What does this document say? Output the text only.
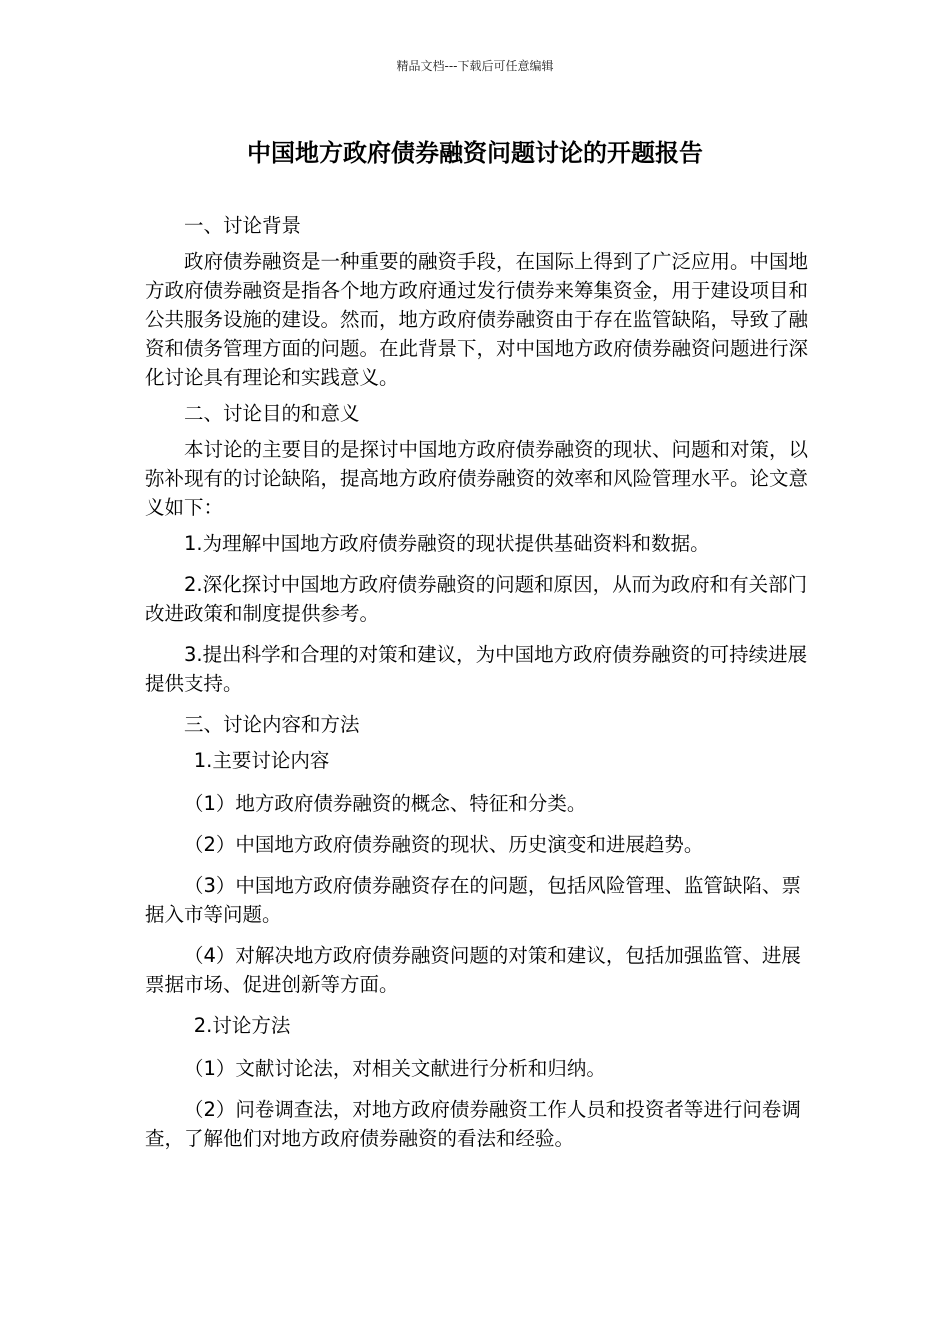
精品文档---下载后可任意编辑
中国地方政府债券融资问题讨论的开题报告

一、讨论背景

政府债券融资是一种重要的融资手段，在国际上得到了广泛应用。中国地方政府债券融资是指各个地方政府通过发行债券来筹集资金，用于建设项目和公共服务设施的建设。然而，地方政府债券融资由于存在监管缺陷，导致了融资和债务管理方面的问题。在此背景下，对中国地方政府债券融资问题进行深化讨论具有理论和实践意义。

二、讨论目的和意义

本讨论的主要目的是探讨中国地方政府债券融资的现状、问题和对策，以弥补现有的讨论缺陷，提高地方政府债券融资的效率和风险管理水平。论文意义如下：

1.为理解中国地方政府债券融资的现状提供基础资料和数据。

2.深化探讨中国地方政府债券融资的问题和原因，从而为政府和有关部门改进政策和制度提供参考。

3.提出科学和合理的对策和建议，为中国地方政府债券融资的可持续进展提供支持。

三、讨论内容和方法

1.主要讨论内容

（1）地方政府债券融资的概念、特征和分类。

（2）中国地方政府债券融资的现状、历史演变和进展趋势。

（3）中国地方政府债券融资存在的问题，包括风险管理、监管缺陷、票据入市等问题。

（4）对解决地方政府债券融资问题的对策和建议，包括加强监管、进展票据市场、促进创新等方面。

2.讨论方法

（1）文献讨论法，对相关文献进行分析和归纳。

（2）问卷调查法，对地方政府债券融资工作人员和投资者等进行问卷调查，了解他们对地方政府债券融资的看法和经验。
